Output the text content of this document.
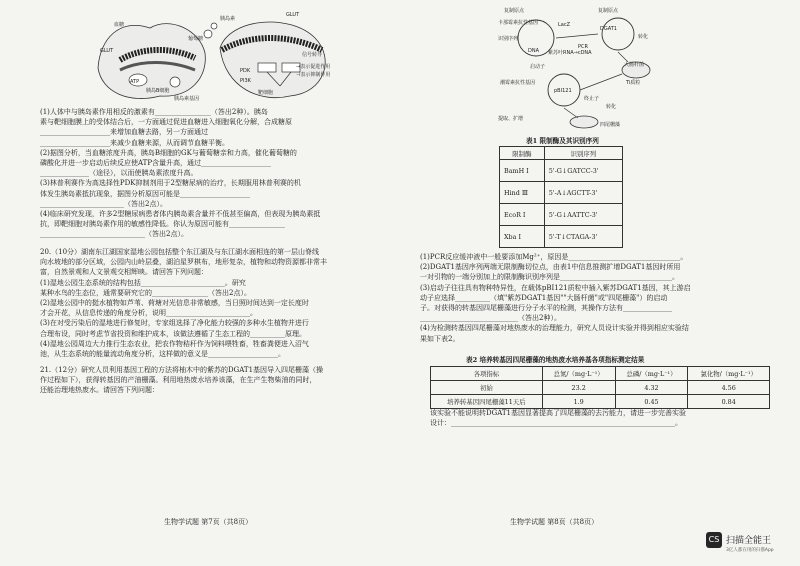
血糖
胰岛素
GLUT
信号转导
→表示促进作用
⊣表示抑制作用
胰岛素基因
PI3K
PDK
葡萄糖
GLUT
ATP
胰岛B细胞	靶细胞

(1)人体中与胰岛素作用相反的激素有________________（答出2种）。胰岛

素与靶细胞膜上的受体结合后，一方面通过促进血糖进入细胞氧化分解，合成糖原

____________________来增加血糖去路，另一方面通过

____________________来减少血糖来源，从而调节血糖平衡。

(2)据图分析，当血糖浓度升高，胰岛B细胞的GK与葡萄糖亲和力高，催化葡萄糖的

磷酸化并进一步启动后续反应使ATP含量升高，通过____________________

______________（途径），以而使胰岛素浓度升高。

(3)林普利赛作为高选择性PDK抑制剂用于2型糖尿病的治疗，长期服用林普利赛的机

体发生胰岛素抵抗现象，据图分析原因可能是____________________

________________________（答出2点）。

(4)临床研究发现，许多2型糖尿病患者体内胰岛素含量并不低甚至偏高，但表现为胰岛素抵

抗，即靶细胞对胰岛素作用的敏感性降低。你认为原因可能有________________

______________________________（答出2点）。

20.（10分）湖南东江湖国家湿地公园包括整个东江湖及与东江湖水面相连的第一层山脊线

向水坡地的部分区域，公园内山岭层叠，湖泊星罗棋布，地形复杂，植物和动物资源都非常丰

富，自然景观和人文景观交相辉映。请回答下列问题：

(1)湿地公园生态系统的结构包括________________________。研究

某种水鸟的生态位，通常要研究它的________________（答出2点）。

(2)湿地公园中的挺水植物如芦苇、荷塘对光信息非常敏感，当日照时间达到一定长度时

才会开花，从信息传递的角度分析，说明________________________。

(3)在对受污染后的湿地进行修复时，专家组选择了净化能力较强的多种水生植物并进行

合理布设，同时考虑节省投资和维护成本，该做法遵循了生态工程的__________原理。

(4)湿地公园周边大力推行生态农业，把农作物秸秆作为饲料喂牲畜，牲畜粪便进入沼气

池，从生态系统的能量流动角度分析，这样做的意义是____________________。

21.（12分）研究人员利用基因工程的方法将柚木中的紫苏的DGAT1基因导入四尾栅藻（操

作过程如下），获得转基因的产油栅藻。利用地热废水培养该藻，在生产生物柴油的同时，

还能治理地热废水。请回答下列问题：

生物学试题 第7页（共8页）
复制原点	复制原点
卡那霉素抗性基因	LacZ
DGAT1
转化
大肠杆菌
Ti质粒
启动子
潮霉素抗性基因
pBI121
DNA
提取、扩增
PCR
转化
四尾栅藻
终止子
识别序列
紫苏叶RNA→cDNA
表1 限制酶及其识别序列
限制酶	识别序列
BamH Ⅰ	5'-G↓GATCC-3'
Hind Ⅲ	5'-A↓AGCTT-3'
EcoR Ⅰ	5'-G↓AATTC-3'
Xba Ⅰ	5'-T↓CTAGA-3'

(1)PCR反应缓冲液中一般要添加Mg²⁺，原因是________________________________。

(2)DGAT1基因序列两端无限制酶切位点，由表1中信息推测扩增DGAT1基因时所用

一对引物的一端分别加上的限制酶识别序列是________________________________。

(3)启动子往往具有物种特异性，在载体pBI121质粒中插入紫苏DGAT1基因，其上游启

动子应选择__________（填"紫苏DGAT1基因""大肠杆菌"或"四尾栅藻"）的启动

子。对获得的转基因四尾栅藻进行分子水平的检测，其操作方法有______________

____________________________（答出2种）。

(4)为检测转基因四尾栅藻对地热废水的治理能力，研究人员设计实验并得到相应实验结

果如下表2。

表2 培养转基因四尾栅藻的地热废水培养基各项指标测定结果
各项指标	总氮/（mg·L⁻¹）	总磷/（mg·L⁻¹）	氯化物/（mg·L⁻¹）
初始	23.2	4.32	4.56
培养转基因四尾栅藻11天后	1.9	0.45	0.84

该实验不能说明转DGAT1基因显著提高了四尾栅藻的去污能力，请进一步完善实验

设计：________________________________________________________________。

生物学试题 第8页（共8页）
CS 扫描全能王
3亿人都在用的扫描App
